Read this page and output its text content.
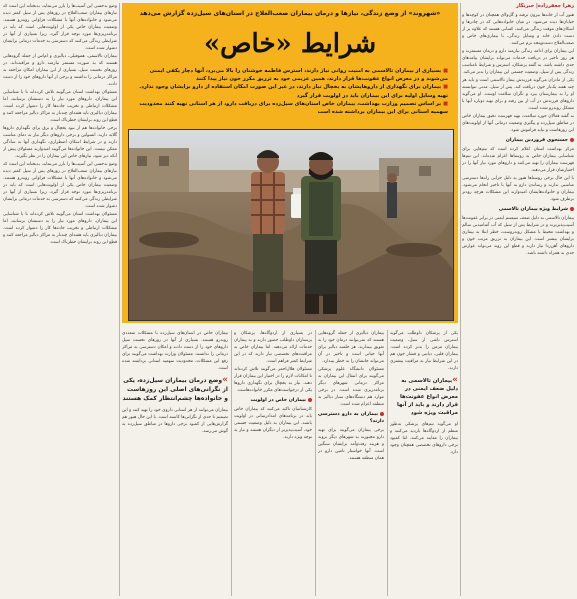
زهرا جعفرزاده| خبرنگار

هنوز آب از خانه‌ها بیرون نرفته و گل‌ولای همچنان در کوچه‌ها و خیابان‌ها دیده می‌شود. در میان خانواده‌هایی که در چادرها و اسکان‌های موقت زندگی می‌کنند، کسانی هستند که علاوه بر از دست دادن خانه و وسایل زندگی، با بیماری‌های خاص و صعب‌العلاج دست‌وپنجه نرم می‌کنند.

این بیماران برای ادامه زندگی نیازمند دارو و درمان مستمرند و هر روز تاخیر در دریافت خدمات می‌تواند برایشان پیامدهای جدی داشته باشد. به گفته پزشکان، استرس و شرایط نامناسب زندگی پس از سیل، وضعیت جسمی این بیماران را بدتر می‌کند.

یکی از مادران می‌گوید فرزندش بیمار تالاسمی است و باید هر چند هفته یک‌بار خون دریافت کند. پس از سیل، مدتی نتوانسته او را به بیمارستان ببرد و نگران سلامت اوست. او می‌گوید داروهای فرزندش در آب از بین رفته و برای تهیه دوباره آنها با مشکل روبه‌رو شده است.

به گفته فعالان حوزه سلامت، تهیه فهرست دقیق بیماران خاص در مناطق سیل‌زده و پیگیری وضعیت درمانی آنها از اولویت‌های این روزهاست و نباید فراموش شود.

جستجوی فروردین بیماران

مرکز بهداشت استان اعلام کرده است که تیم‌هایی برای شناسایی بیماران خاص به روستاها اعزام شده‌اند. این تیم‌ها فهرست بیماران را تهیه می‌کنند و داروهای مورد نیاز آنها را در اختیارشان قرار می‌دهند.

با این حال برخی روستاها هنوز به دلیل خرابی راه‌ها دسترسی مناسبی ندارند و رساندن دارو به آنها با تاخیر انجام می‌شود. بیماران و خانواده‌هایشان امیدوارند این مشکلات هرچه زودتر برطرف شود.

شرایط ویژه بیماران تالاسمی

بیماران تالاسمی به دلیل ضعف سیستم ایمنی در برابر عفونت‌ها آسیب‌پذیرترند و در شرایط پس از سیل که آب آشامیدنی سالم و بهداشت محیط با مشکل روبه‌روست، خطر ابتلا به بیماری برایشان بیشتر است. این بیماران به تزریق مرتب خون و داروهای آهن‌زدا نیاز دارند و قطع این روند می‌تواند عوارض جدی به همراه داشته باشد.

وضع بدحسی این آسیب‌ها را بارز می‌نماید، بدبختانه این است که نیازهای بیماران صعب‌العلاج در روزهای پس از سیل کمتر دیده می‌شود و خانواده‌های آنها با مشکلات فراوانی روبه‌رو هستند. وضعیت بیماران خاص یکی از اولویت‌هایی است که باید در برنامه‌ریزی‌ها مورد توجه قرار گیرد، زیرا بسیاری از آنها در شرایطی زندگی می‌کنند که دسترسی به خدمات درمانی برایشان دشوار شده است.

بیماران تالاسمی، هموفیلی، دیالیزی و ام‌اس از جمله گروه‌هایی هستند که به صورت مستمر نیازمند دارو و مراقبت‌اند. در روزهای نخست سیل، بسیاری از این بیماران امکان مراجعه به مراکز درمانی را نداشتند و برخی از آنها داروهای خود را از دست دادند.

مسئولان بهداشت استان می‌گویند تلاش کرده‌اند تا با شناسایی این بیماران، داروهای مورد نیاز را به دستشان برسانند، اما مشکلات ارتباطی و تخریب جاده‌ها کار را دشوار کرده است. بیماران دیالیزی باید هفته‌ای چندبار به مراکز دیالیز مراجعه کنند و قطع این روند برایشان خطرناک است.

برخی خانواده‌ها هم از نبود یخچال و برق برای نگهداری داروها گلایه دارند. انسولین و برخی داروهای دیگر نیاز به دمای مناسب دارند و در شرایط اسکان اضطراری، نگهداری آنها به سادگی ممکن نیست. این خانواده‌ها می‌گویند امیدوارند مسئولان پیش از آنکه دیر شود، نیازهای خاص این بیماران را در نظر بگیرند.

وضع بدحسی این آسیب‌ها را بارز می‌نماید، بدبختانه این است که نیازهای بیماران صعب‌العلاج در روزهای پس از سیل کمتر دیده می‌شود و خانواده‌های آنها با مشکلات فراوانی روبه‌رو هستند. وضعیت بیماران خاص یکی از اولویت‌هایی است که باید در برنامه‌ریزی‌ها مورد توجه قرار گیرد، زیرا بسیاری از آنها در شرایطی زندگی می‌کنند که دسترسی به خدمات درمانی برایشان دشوار شده است.

مسئولان بهداشت استان می‌گویند تلاش کرده‌اند تا با شناسایی این بیماران، داروهای مورد نیاز را به دستشان برسانند، اما مشکلات ارتباطی و تخریب جاده‌ها کار را دشوار کرده است. بیماران دیالیزی باید هفته‌ای چندبار به مراکز دیالیز مراجعه کنند و قطع این روند برایشان خطرناک است.

«شهروند» از وضع زندگی، نیازها و درمان بیماران صعب‌العلاج در استان‌های سیل‌زده گزارش می‌دهد
شرایط «خاص»
■بسیاری از بیماران تالاسمی به امنیت روانی نیاز دارند، استرس فاطمه خوشنان را بالا می‌برد، آنها دچار یکفی ایمنی می‌شوند و در معرض انواع عفونت‌ها قرار دارند، همین عزیمی خود به تزریق مکرر خون نیاز پیدا کنند
■بیماران برای نگهداری از داروهایشان به یخچال نیاز دارند، در غیر این صورت امکان استفاده از دارو برایشان وجود ندارد. تهیه وسایل اولیه برای این بیماران باید در اولویت قرار گیرد
■بر اساس تصمیم وزارت بهداشت، بیماران خاص استان‌های سیل‌زده برای دریافت دارو، از هر استانی تهیه کنند محدودیت سهمیه استانی برای این بیماران برداشته شده است

یکی از پزشکان داوطلب می‌گوید استرس ناشی از سیل، وضعیت بیماران مزمن را بدتر کرده است. بیماران قلبی، دیابتی و فشار خون هم در این شرایط نیاز به مراقبت بیشتری دارند.

»بیماران تالاسمی به دلیل ضعف ایمنی در معرض انواع عفونت‌ها قرار دارند و باید از آنها مراقبت ویژه شود

او می‌گوید تیم‌های پزشکی به‌طور منظم از اردوگاه‌ها بازدید می‌کنند و بیماران را معاینه می‌کنند. اما کمبود برخی داروهای تخصصی همچنان وجود دارد.

بیماران دیالیزی از جمله گروه‌هایی هستند که نمی‌توانند درمان خود را به تعویق بیندازند. هر جلسه دیالیز برای آنها حیاتی است و تاخیر در آن می‌تواند جانشان را به خطر بیندازد.

مسئولان دانشگاه علوم پزشکی می‌گویند برای انتقال این بیماران به مراکز درمانی شهرهای دیگر برنامه‌ریزی شده است. در برخی موارد هم دستگاه‌های سیار دیالیز به منطقه اعزام شده است.

بیماران به دارو دسترسی دارند؟

برخی بیماران می‌گویند برای تهیه دارو مجبورند به شهرهای دیگر بروند و هزینه رفت‌وآمد برایشان سنگین است. آنها خواستار تامین دارو در همان منطقه هستند.

در بسیاری از اردوگاه‌ها، پزشکان و پرستاران داوطلب حضور دارند و به بیماران خدمات ارائه می‌دهند. اما بیماران خاص به مراقبت‌های تخصصی نیاز دارند که در این شرایط کمتر فراهم است.

مسئولان هلال‌احمر می‌گویند تلاش کرده‌اند تا امکانات لازم را در اختیار این بیماران قرار دهند. نیاز به یخچال برای نگهداری داروها یکی از درخواست‌های مکرر خانواده‌هاست.

بیماران خاص در اولویت

کارشناسان تاکید می‌کنند که بیماران خاص باید در برنامه‌های امدادرسانی در اولویت باشند. این بیماران به دلیل وضعیت جسمی خود، آسیب‌پذیرتر از دیگران هستند و نیاز به توجه ویژه دارند.

بیماران خاص در استان‌های سیل‌زده با مشکلات متعددی روبه‌رو هستند. بسیاری از آنها در روزهای نخست سیل داروهای خود را از دست دادند و امکان دسترسی به مراکز درمانی را نداشتند. مسئولان وزارت بهداشت می‌گویند برای رفع این مشکلات، محدودیت سهمیه استانی برداشته شده است.

»وضع درمان بیماران سیل‌زده، یکی از نگرانی‌های اصلی این روزهاست و خانواده‌ها چشم‌انتظار کمک هستند

بیماران می‌توانند از هر استانی داروی خود را تهیه کنند و این تصمیم تا حدی از نگرانی‌ها کاسته است. با این حال هنوز هم گزارش‌هایی از کمبود برخی داروها در مناطق سیل‌زده به گوش می‌رسد.
